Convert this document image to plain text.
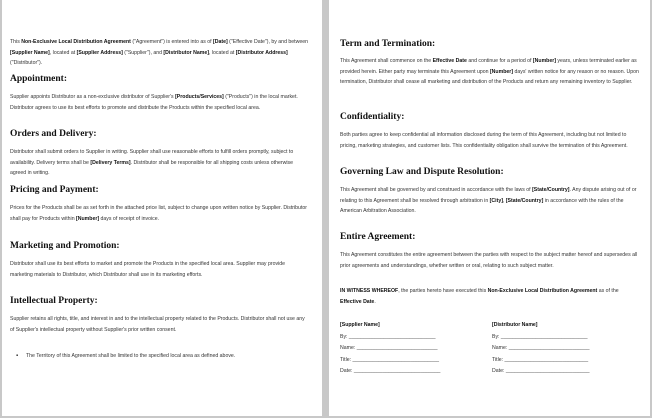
This Non-Exclusive Local Distribution Agreement ("Agreement") is entered into as of [Date] ("Effective Date"), by and between [Supplier Name], located at [Supplier Address] ("Supplier"), and [Distributor Name], located at [Distributor Address] ("Distributor").

Appointment:

Supplier appoints Distributor as a non-exclusive distributor of Supplier's [Products/Services] ("Products") in the local market. Distributor agrees to use its best efforts to promote and distribute the Products within the specified local area.

Orders and Delivery:

Distributor shall submit orders to Supplier in writing. Supplier shall use reasonable efforts to fulfill orders promptly, subject to availability. Delivery terms shall be [Delivery Terms]. Distributor shall be responsible for all shipping costs unless otherwise agreed in writing.

Pricing and Payment:

Prices for the Products shall be as set forth in the attached price list, subject to change upon written notice by Supplier. Distributor shall pay for Products within [Number] days of receipt of invoice.

Marketing and Promotion:

Distributor shall use its best efforts to market and promote the Products in the specified local area. Supplier may provide marketing materials to Distributor, which Distributor shall use in its marketing efforts.

Intellectual Property:

Supplier retains all rights, title, and interest in and to the intellectual property related to the Products. Distributor shall not use any of Supplier's intellectual property without Supplier's prior written consent.

▪ The Territory of this Agreement shall be limited to the specified local area as defined above.
Term and Termination:

This Agreement shall commence on the Effective Date and continue for a period of [Number] years, unless terminated earlier as provided herein. Either party may terminate this Agreement upon [Number] days' written notice for any reason or no reason. Upon termination, Distributor shall cease all marketing and distribution of the Products and return any remaining inventory to Supplier.

Confidentiality:

Both parties agree to keep confidential all information disclosed during the term of this Agreement, including but not limited to pricing, marketing strategies, and customer lists. This confidentiality obligation shall survive the termination of this Agreement.

Governing Law and Dispute Resolution:

This Agreement shall be governed by and construed in accordance with the laws of [State/Country]. Any dispute arising out of or relating to this Agreement shall be resolved through arbitration in [City], [State/Country] in accordance with the rules of the American Arbitration Association.

Entire Agreement:

This Agreement constitutes the entire agreement between the parties with respect to the subject matter hereof and supersedes all prior agreements and understandings, whether written or oral, relating to such subject matter.

IN WITNESS WHEREOF, the parties hereto have executed this Non-Exclusive Local Distribution Agreement as of the Effective Date.

[Supplier Name]
By: ______________________________
Name: ____________________________
Title: ______________________________
Date: ______________________________
[Distributor Name]
By: ______________________________
Name: ____________________________
Title: _____________________________
Date: _____________________________
